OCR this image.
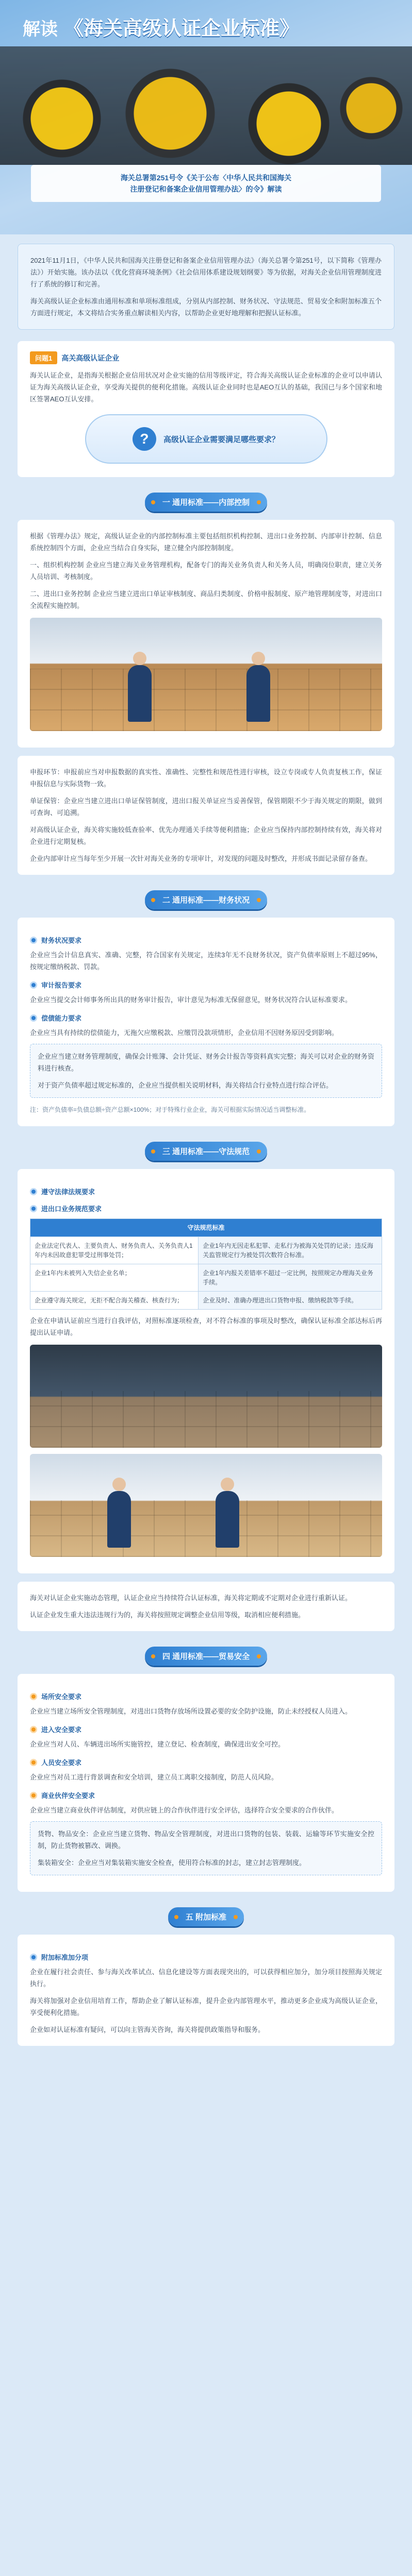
解读 《海关高级认证企业标准》
海关总署第251号令《关于公布〈中华人民共和国海关
注册登记和备案企业信用管理办法〉的令》解读

2021年11月1日，《中华人民共和国海关注册登记和备案企业信用管理办法》（海关总署令第251号，以下简称《管理办法》）开始实施。该办法以《优化营商环境条例》《社会信用体系建设规划纲要》等为依据，对海关企业信用管理制度进行了系统的修订和完善。

海关高级认证企业标准由通用标准和单项标准组成，分别从内部控制、财务状况、守法规范、贸易安全和附加标准五个方面进行规定，本文将结合实务重点解读相关内容，以帮助企业更好地理解和把握认证标准。

问题1	高关高级认证企业

海关认证企业，是指海关根据企业信用状况对企业实施的信用等级评定，符合海关高级认证企业标准的企业可以申请认证为海关高级认证企业，享受海关提供的便利化措施。高级认证企业同时也是AEO互认的基础，我国已与多个国家和地区签署AEO互认安排。

?	高级认证企业需要满足哪些要求？
一 通用标准——内部控制

根据《管理办法》规定，高级认证企业的内部控制标准主要包括组织机构控制、进出口业务控制、内部审计控制、信息系统控制四个方面，企业应当结合自身实际，建立健全内部控制制度。

一、组织机构控制 企业应当建立海关业务管理机构，配备专门的海关业务负责人和关务人员，明确岗位职责，建立关务人员培训、考核制度。

二、进出口业务控制 企业应当建立进出口单证审核制度、商品归类制度、价格申报制度、原产地管理制度等，对进出口全流程实施控制。

申报环节：申报前应当对申报数据的真实性、准确性、完整性和规范性进行审核，设立专岗或专人负责复核工作，保证申报信息与实际货物一致。

单证保管：企业应当建立进出口单证保管制度，进出口报关单证应当妥善保管，保管期限不少于海关规定的期限，做到可查询、可追溯。

对高级认证企业，海关将实施较低查验率、优先办理通关手续等便利措施；企业应当保持内部控制持续有效，海关将对企业进行定期复核。

企业内部审计应当每年至少开展一次针对海关业务的专项审计，对发现的问题及时整改，并形成书面记录留存备查。

二 通用标准——财务状况
财务状况要求

企业应当会计信息真实、准确、完整，符合国家有关规定，连续3年无不良财务状况，资产负债率原则上不超过95%，按规定缴纳税款、罚款。

审计报告要求

企业应当提交会计师事务所出具的财务审计报告，审计意见为标准无保留意见，财务状况符合认证标准要求。

偿债能力要求

企业应当具有持续的偿债能力，无拖欠应缴税款、应缴罚没款项情形，企业信用不因财务原因受到影响。

企业应当建立财务管理制度，确保会计账簿、会计凭证、财务会计报告等资料真实完整；海关可以对企业的财务资料进行核查。

对于资产负债率超过规定标准的，企业应当提供相关说明材料，海关将结合行业特点进行综合评估。

注：资产负债率=负债总额÷资产总额×100%；对于特殊行业企业，海关可根据实际情况适当调整标准。

三 通用标准——守法规范
遵守法律法规要求
进出口业务规范要求
守法规范标准	
企业法定代表人、主要负责人、财务负责人、关务负责人1年内未因故意犯罪受过刑事处罚；	企业1年内无因走私犯罪、走私行为被海关处罚的记录；违反海关监管规定行为被处罚次数符合标准。
企业1年内未被列入失信企业名单；	企业1年内报关差错率不超过一定比例，按照规定办理海关业务手续。
企业遵守海关规定，无拒不配合海关稽查、核查行为；	企业及时、准确办理进出口货物申报、缴纳税款等手续。

企业在申请认证前应当进行自我评估，对照标准逐项检查，对不符合标准的事项及时整改，确保认证标准全部达标后再提出认证申请。

海关对认证企业实施动态管理，认证企业应当持续符合认证标准，海关将定期或不定期对企业进行重新认证。

认证企业发生重大违法违规行为的，海关将按照规定调整企业信用等级，取消相应便利措施。

四 通用标准——贸易安全
场所安全要求

企业应当建立场所安全管理制度，对进出口货物存放场所设置必要的安全防护设施，防止未经授权人员进入。

进入安全要求

企业应当对人员、车辆进出场所实施管控，建立登记、检查制度，确保进出安全可控。

人员安全要求

企业应当对员工进行背景调查和安全培训，建立员工离职交接制度，防范人员风险。

商业伙伴安全要求

企业应当建立商业伙伴评估制度，对供应链上的合作伙伴进行安全评估，选择符合安全要求的合作伙伴。

货物、物品安全：企业应当建立货物、物品安全管理制度，对进出口货物的包装、装载、运输等环节实施安全控制，防止货物被篡改、调换。

集装箱安全：企业应当对集装箱实施安全检查，使用符合标准的封志，建立封志管理制度。

五 附加标准
附加标准加分项

企业在履行社会责任、参与海关改革试点、信息化建设等方面表现突出的，可以获得相应加分，加分项目按照海关规定执行。

海关将加强对企业信用培育工作，帮助企业了解认证标准，提升企业内部管理水平，推动更多企业成为高级认证企业，享受便利化措施。

企业如对认证标准有疑问，可以向主管海关咨询，海关将提供政策指导和服务。
